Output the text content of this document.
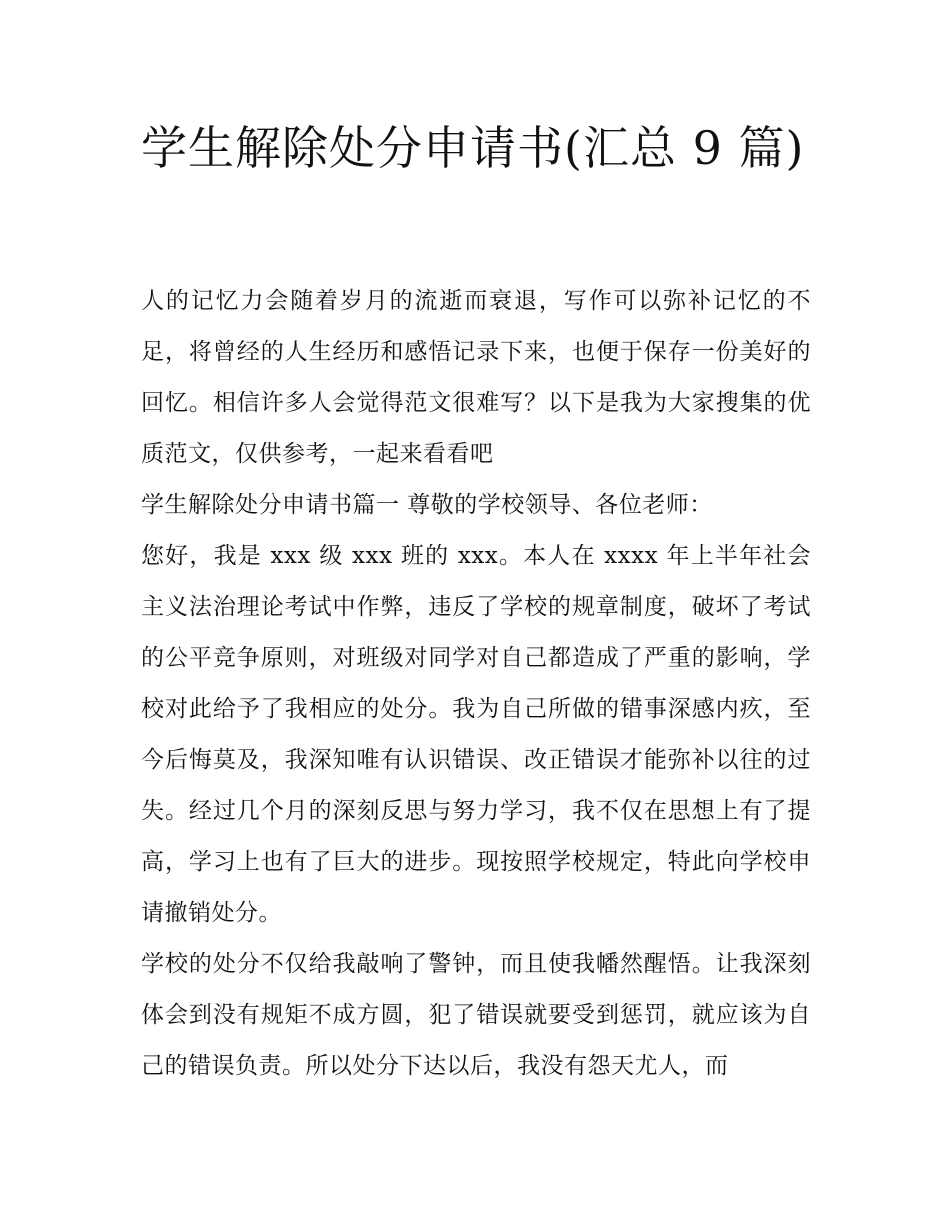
学生解除处分申请书(汇总 9 篇)

人的记忆力会随着岁月的流逝而衰退，写作可以弥补记忆的不足，将曾经的人生经历和感悟记录下来，也便于保存一份美好的回忆。相信许多人会觉得范文很难写？以下是我为大家搜集的优质范文，仅供参考，一起来看看吧

学生解除处分申请书篇一 尊敬的学校领导、各位老师：

您好，我是 xxx 级 xxx 班的 xxx。本人在 xxxx 年上半年社会主义法治理论考试中作弊，违反了学校的规章制度，破坏了考试的公平竞争原则，对班级对同学对自己都造成了严重的影响，学校对此给予了我相应的处分。我为自己所做的错事深感内疚，至今后悔莫及，我深知唯有认识错误、改正错误才能弥补以往的过失。经过几个月的深刻反思与努力学习，我不仅在思想上有了提高，学习上也有了巨大的进步。现按照学校规定，特此向学校申请撤销处分。

学校的处分不仅给我敲响了警钟，而且使我幡然醒悟。让我深刻体会到没有规矩不成方圆，犯了错误就要受到惩罚，就应该为自己的错误负责。所以处分下达以后，我没有怨天尤人，而
